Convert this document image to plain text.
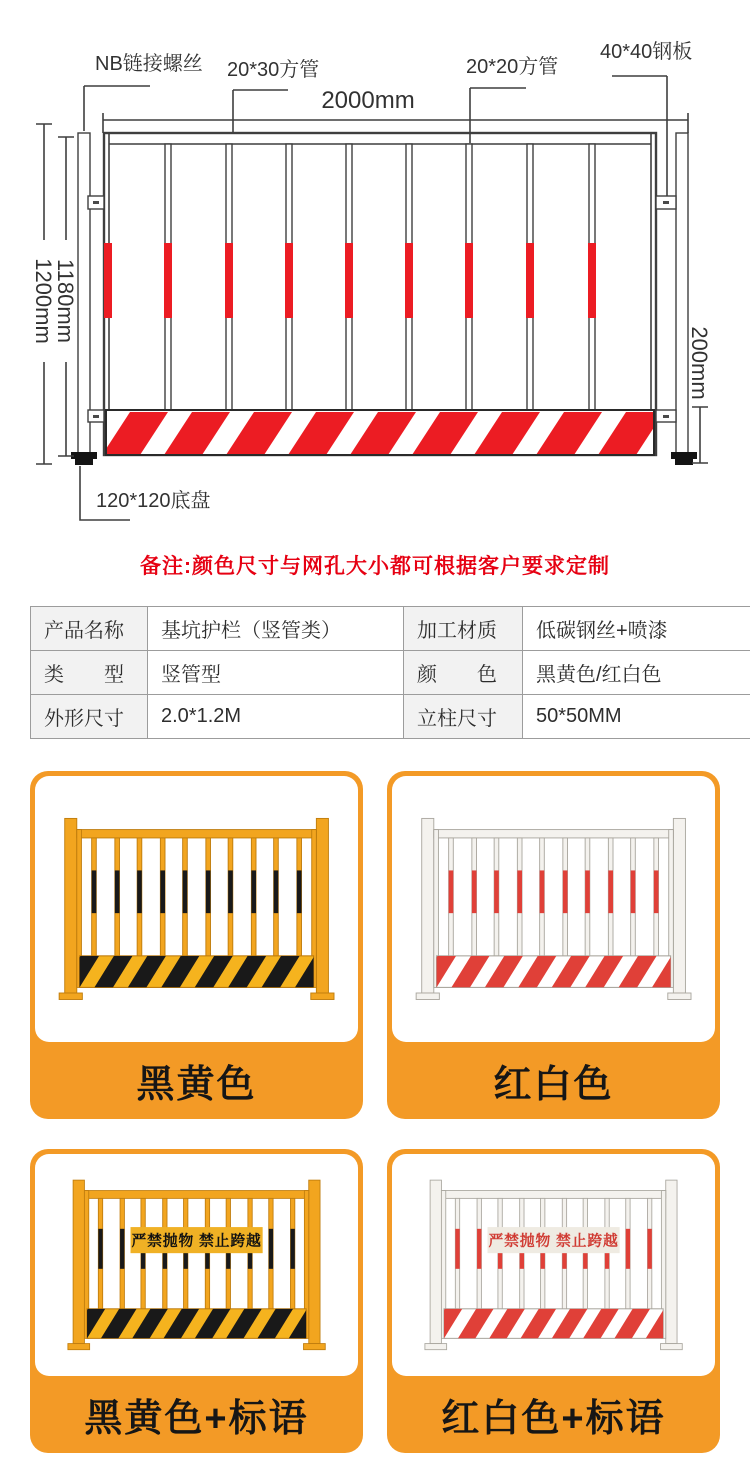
NB链接螺丝 20*30方管	20*20方管
40*40钢板
120*120底盘
2000mm
1180mm
1200mm
200mm

备注:颜色尺寸与网孔大小都可根据客户要求定制

产品名称	基坑护栏（竖管类）	加工材质	低碳钢丝+喷漆
类　　型	竖管型	颜　　色	黑黄色/红白色
外形尺寸	2.0*1.2M	立柱尺寸	50*50MM
黑黄色	红白色
严禁抛物 禁止跨越
黑黄色+标语
严禁抛物 禁止跨越
红白色+标语
